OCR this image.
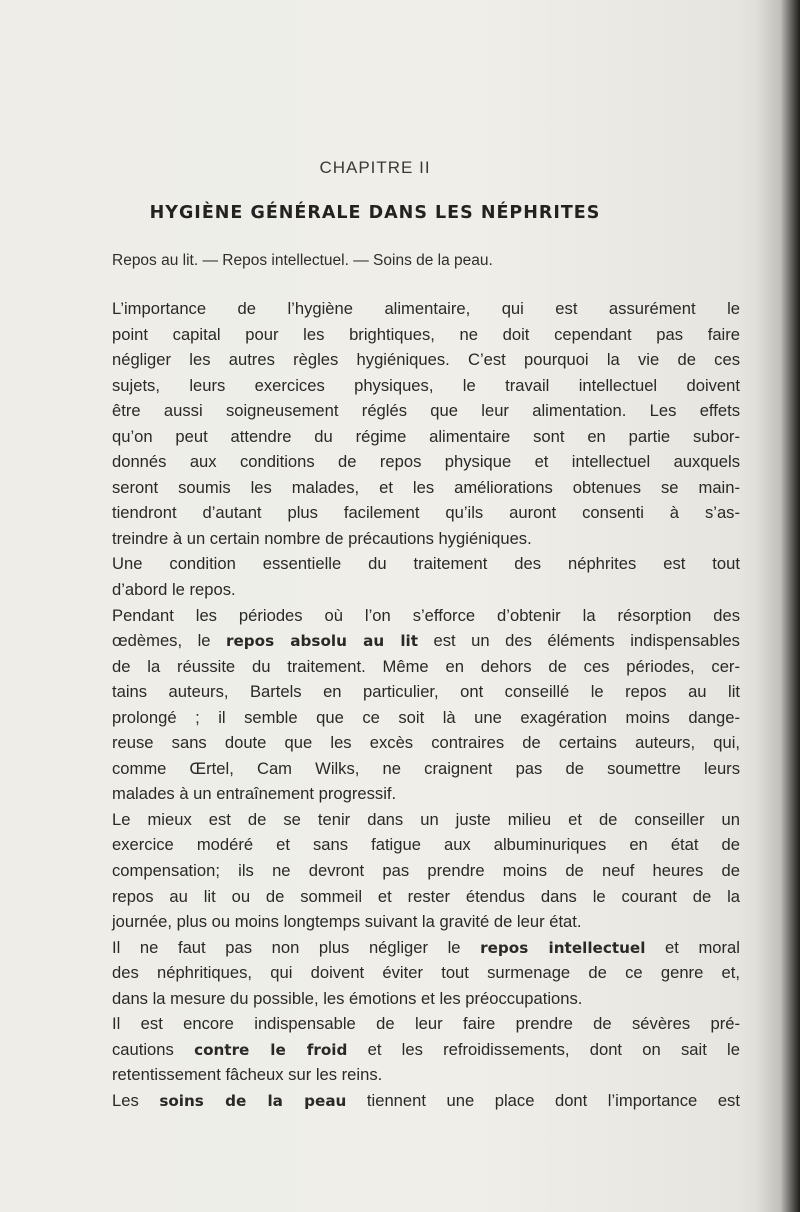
CHAPITRE II
HYGIÈNE GÉNÉRALE DANS LES NÉPHRITES
Repos au lit. — Repos intellectuel. — Soins de la peau.
L’importance de l’hygiène alimentaire, qui est assurément le
point capital pour les brightiques, ne doit cependant pas faire
négliger les autres règles hygiéniques. C’est pourquoi la vie de ces
sujets, leurs exercices physiques, le travail intellectuel doivent
être aussi soigneusement réglés que leur alimentation. Les effets
qu’on peut attendre du régime alimentaire sont en partie subor-
donnés aux conditions de repos physique et intellectuel auxquels
seront soumis les malades, et les améliorations obtenues se main-
tiendront d’autant plus facilement qu’ils auront consenti à s’as-
treindre à un certain nombre de précautions hygiéniques.
Une condition essentielle du traitement des néphrites est tout
d’abord le repos.
Pendant les périodes où l’on s’efforce d’obtenir la résorption des
œdèmes, le repos absolu au lit est un des éléments indispensables
de la réussite du traitement. Même en dehors de ces périodes, cer-
tains auteurs, Bartels en particulier, ont conseillé le repos au lit
prolongé ; il semble que ce soit là une exagération moins dange-
reuse sans doute que les excès contraires de certains auteurs, qui,
comme Œrtel, Cam Wilks, ne craignent pas de soumettre leurs
malades à un entraînement progressif.
Le mieux est de se tenir dans un juste milieu et de conseiller un
exercice modéré et sans fatigue aux albuminuriques en état de
compensation; ils ne devront pas prendre moins de neuf heures de
repos au lit ou de sommeil et rester étendus dans le courant de la
journée, plus ou moins longtemps suivant la gravité de leur état.
Il ne faut pas non plus négliger le repos intellectuel et moral
des néphritiques, qui doivent éviter tout surmenage de ce genre et,
dans la mesure du possible, les émotions et les préoccupations.
Il est encore indispensable de leur faire prendre de sévères pré-
cautions contre le froid et les refroidissements, dont on sait le
retentissement fâcheux sur les reins.
Les soins de la peau tiennent une place dont l’importance est
